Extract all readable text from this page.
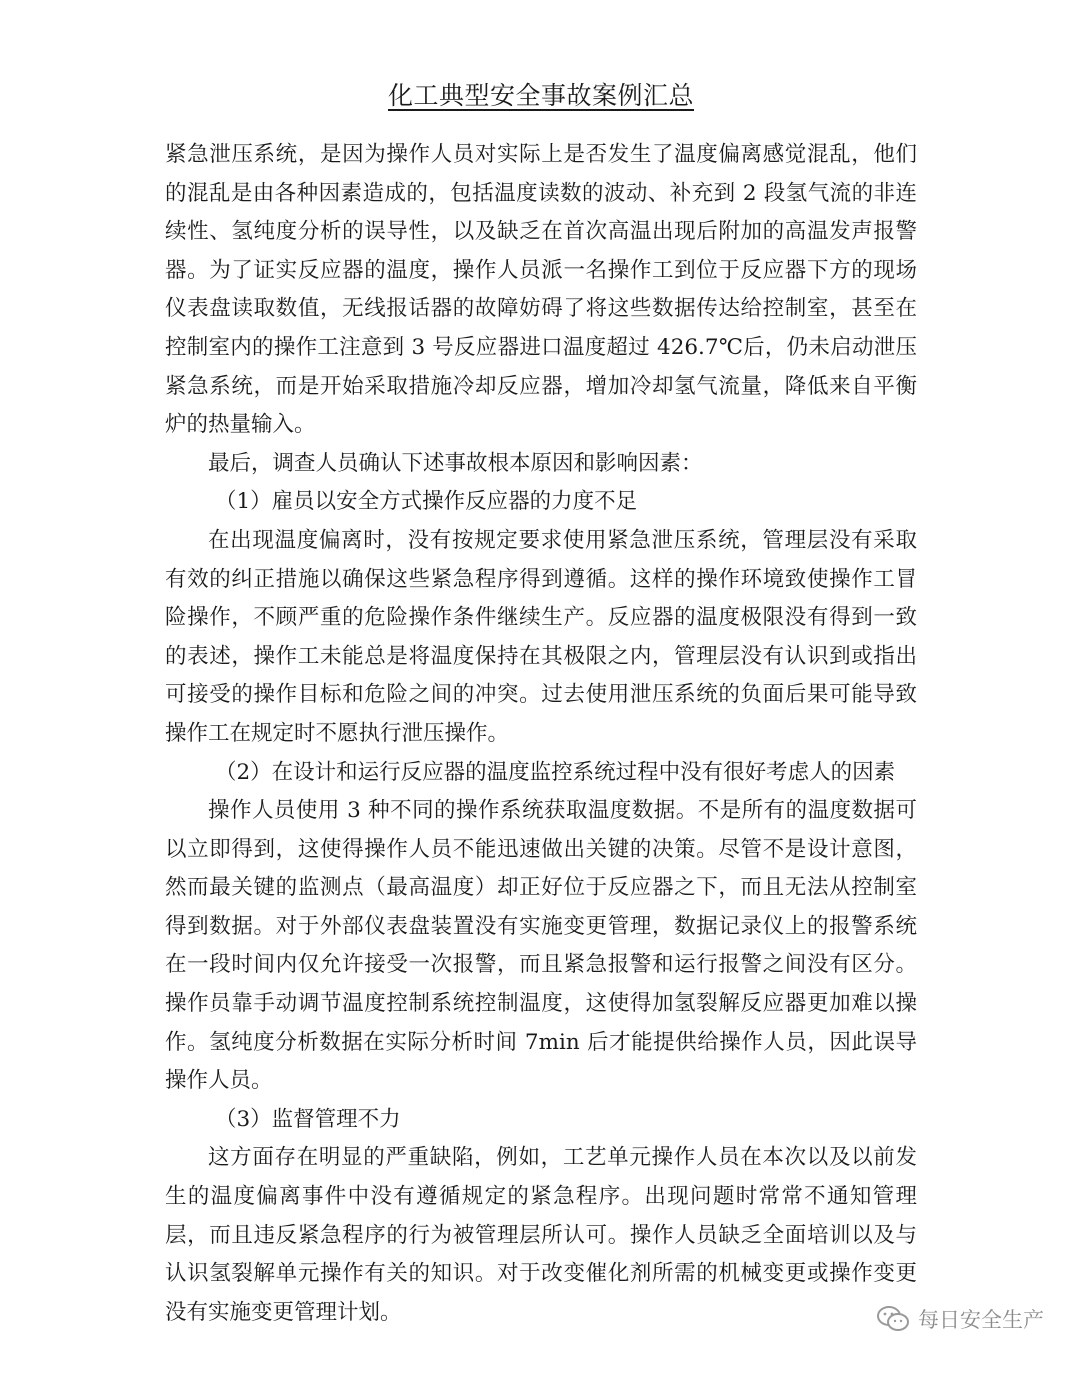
化工典型安全事故案例汇总

紧急泄压系统，是因为操作人员对实际上是否发生了温度偏离感觉混乱，他们的混乱是由各种因素造成的，包括温度读数的波动、补充到 2 段氢气流的非连续性、氢纯度分析的误导性，以及缺乏在首次高温出现后附加的高温发声报警器。为了证实反应器的温度，操作人员派一名操作工到位于反应器下方的现场仪表盘读取数值，无线报话器的故障妨碍了将这些数据传达给控制室，甚至在控制室内的操作工注意到 3 号反应器进口温度超过 426.7℃后，仍未启动泄压紧急系统，而是开始采取措施冷却反应器，增加冷却氢气流量，降低来自平衡炉的热量输入。

最后，调查人员确认下述事故根本原因和影响因素：

（1）雇员以安全方式操作反应器的力度不足

在出现温度偏离时，没有按规定要求使用紧急泄压系统，管理层没有采取有效的纠正措施以确保这些紧急程序得到遵循。这样的操作环境致使操作工冒险操作，不顾严重的危险操作条件继续生产。反应器的温度极限没有得到一致的表述，操作工未能总是将温度保持在其极限之内，管理层没有认识到或指出可接受的操作目标和危险之间的冲突。过去使用泄压系统的负面后果可能导致操作工在规定时不愿执行泄压操作。

（2）在设计和运行反应器的温度监控系统过程中没有很好考虑人的因素

操作人员使用 3 种不同的操作系统获取温度数据。不是所有的温度数据可以立即得到，这使得操作人员不能迅速做出关键的决策。尽管不是设计意图，然而最关键的监测点（最高温度）却正好位于反应器之下，而且无法从控制室得到数据。对于外部仪表盘装置没有实施变更管理，数据记录仪上的报警系统在一段时间内仅允许接受一次报警，而且紧急报警和运行报警之间没有区分。操作员靠手动调节温度控制系统控制温度，这使得加氢裂解反应器更加难以操作。氢纯度分析数据在实际分析时间 7min 后才能提供给操作人员，因此误导操作人员。

（3）监督管理不力

这方面存在明显的严重缺陷，例如，工艺单元操作人员在本次以及以前发生的温度偏离事件中没有遵循规定的紧急程序。出现问题时常常不通知管理层，而且违反紧急程序的行为被管理层所认可。操作人员缺乏全面培训以及与认识氢裂解单元操作有关的知识。对于改变催化剂所需的机械变更或操作变更没有实施变更管理计划。	每日安全生产
